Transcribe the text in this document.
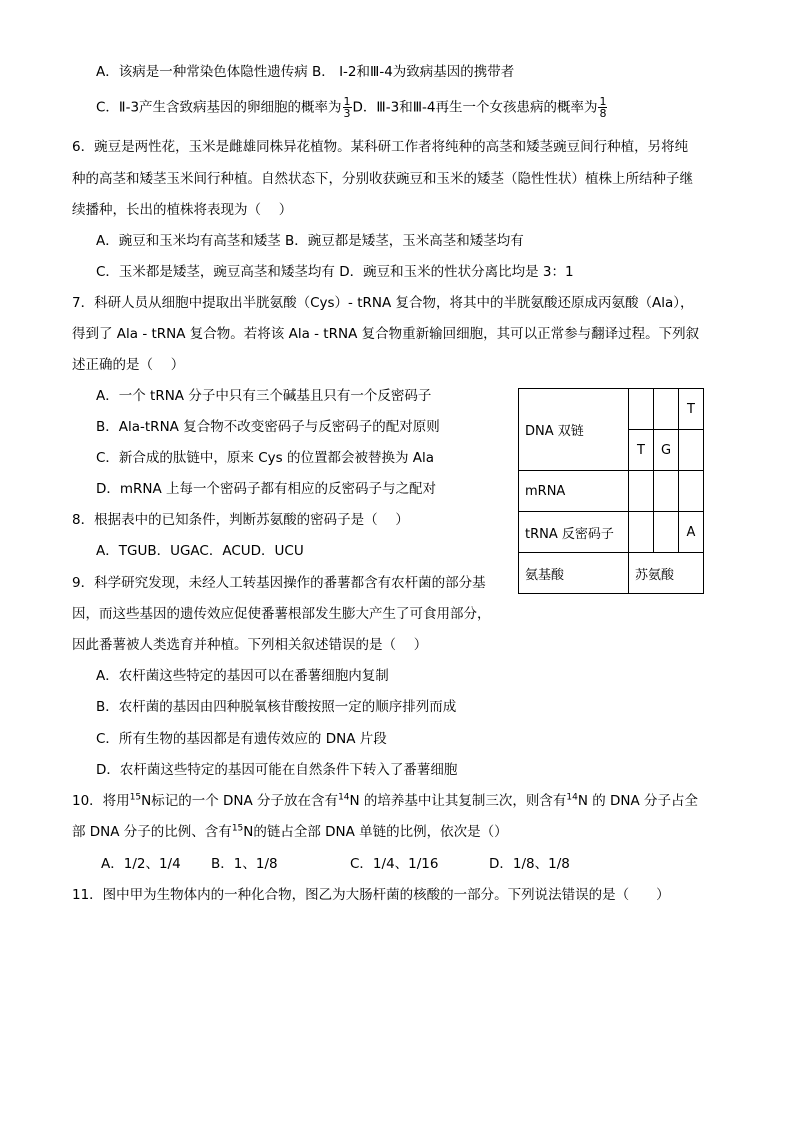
A．该病是一种常染色体隐性遗传病 B． Ⅰ-2和Ⅲ-4为致病基因的携带者
C．Ⅱ-3产生含致病基因的卵细胞的概率为 $\frac{1}{3}$ D．Ⅲ-3和Ⅲ-4再生一个女孩患病的概率为 $\frac{1}{8}$
6．豌豆是两性花，玉米是雌雄同株异花植物。某科研工作者将纯种的高茎和矮茎豌豆间行种植，另将纯
种的高茎和矮茎玉米间行种植。自然状态下，分别收获豌豆和玉米的矮茎（隐性性状）植株上所结种子继
续播种，长出的植株将表现为（　 ）
A．豌豆和玉米均有高茎和矮茎 B．豌豆都是矮茎，玉米高茎和矮茎均有
C．玉米都是矮茎，豌豆高茎和矮茎均有 D．豌豆和玉米的性状分离比均是 3：1
7．科研人员从细胞中提取出半胱氨酸（Cys）- tRNA 复合物，将其中的半胱氨酸还原成丙氨酸（Ala），
得到了 Ala - tRNA 复合物。若将该 Ala - tRNA 复合物重新输回细胞，其可以正常参与翻译过程。下列叙
述正确的是（　 ）
A．一个 tRNA 分子中只有三个碱基且只有一个反密码子
B．Ala-tRNA 复合物不改变密码子与反密码子的配对原则
C．新合成的肽链中，原来 Cys 的位置都会被替换为 Ala
D．mRNA 上每一个密码子都有相应的反密码子与之配对
8．根据表中的已知条件，判断苏氨酸的密码子是（　 ）
A．TGUB．UGAC．ACUD．UCU
9．科学研究发现，未经人工转基因操作的番薯都含有农杆菌的部分基
因，而这些基因的遗传效应促使番薯根部发生膨大产生了可食用部分，
因此番薯被人类选育并种植。下列相关叙述错误的是（　 ）
A．农杆菌这些特定的基因可以在番薯细胞内复制
B．农杆菌的基因由四种脱氧核苷酸按照一定的顺序排列而成
C．所有生物的基因都是有遗传效应的 DNA 片段
D．农杆菌这些特定的基因可能在自然条件下转入了番薯细胞
10．将用$^{15}$N标记的一个 DNA 分子放在含有$^{14}$N 的培养基中让其复制三次，则含有$^{14}$N 的 DNA 分子占全
部 DNA 分子的比例、含有$^{15}$N的链占全部 DNA 单链的比例，依次是（）
A．1/2、1/4 B．1、1/8	C．1/4、1/16	D．1/8、1/8
11．图中甲为生物体内的一种化合物，图乙为大肠杆菌的核酸的一部分。下列说法错误的是（　　）
DNA 双链			T
	T	G	
mRNA			
tRNA 反密码子			A
氨基酸	苏氨酸		
